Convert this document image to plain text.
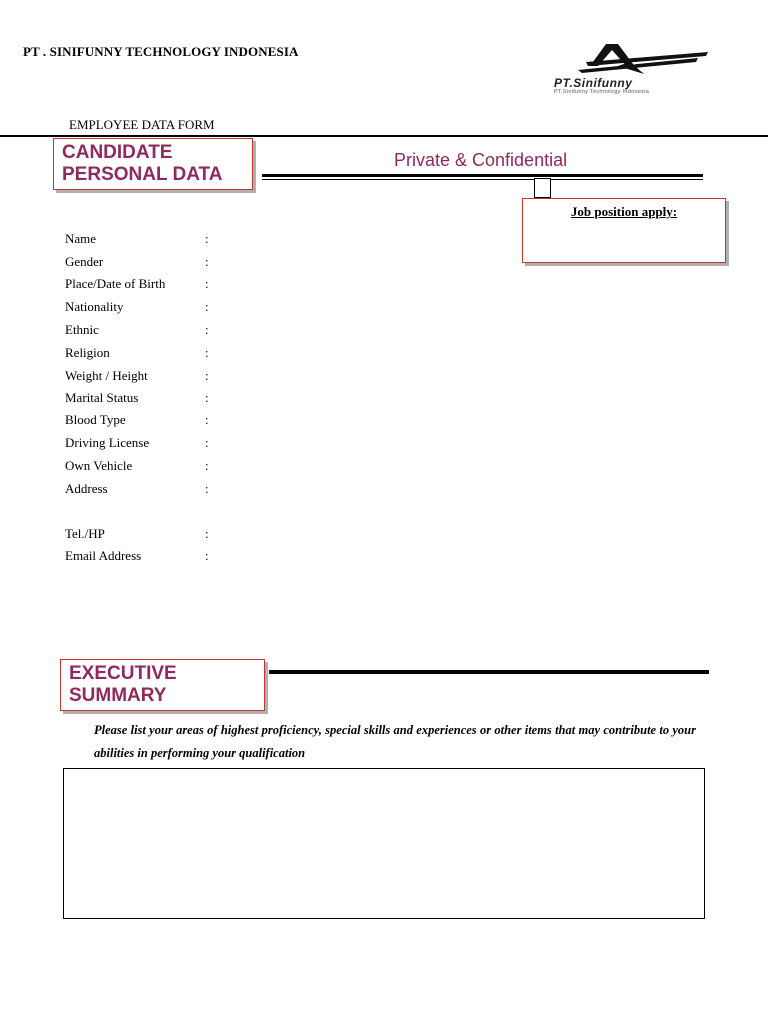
PT . SINIFUNNY TECHNOLOGY INDONESIA
PT.Sinifunny
PT.Sinifunny Technology Indonesia
EMPLOYEE DATA FORM
CANDIDATE
PERSONAL DATA
Private & Confidential
Job position apply:
Name	:
Gender	:
Place/Date of Birth	:
Nationality	:
Ethnic	:
Religion	:
Weight / Height	:
Marital Status	:
Blood Type	:
Driving License	:
Own Vehicle	:
Address	:
Tel./HP	:
Email Address	:
EXECUTIVE
SUMMARY
Please list your areas of highest proficiency, special skills and experiences or other items that may contribute to your abilities in performing your qualification
